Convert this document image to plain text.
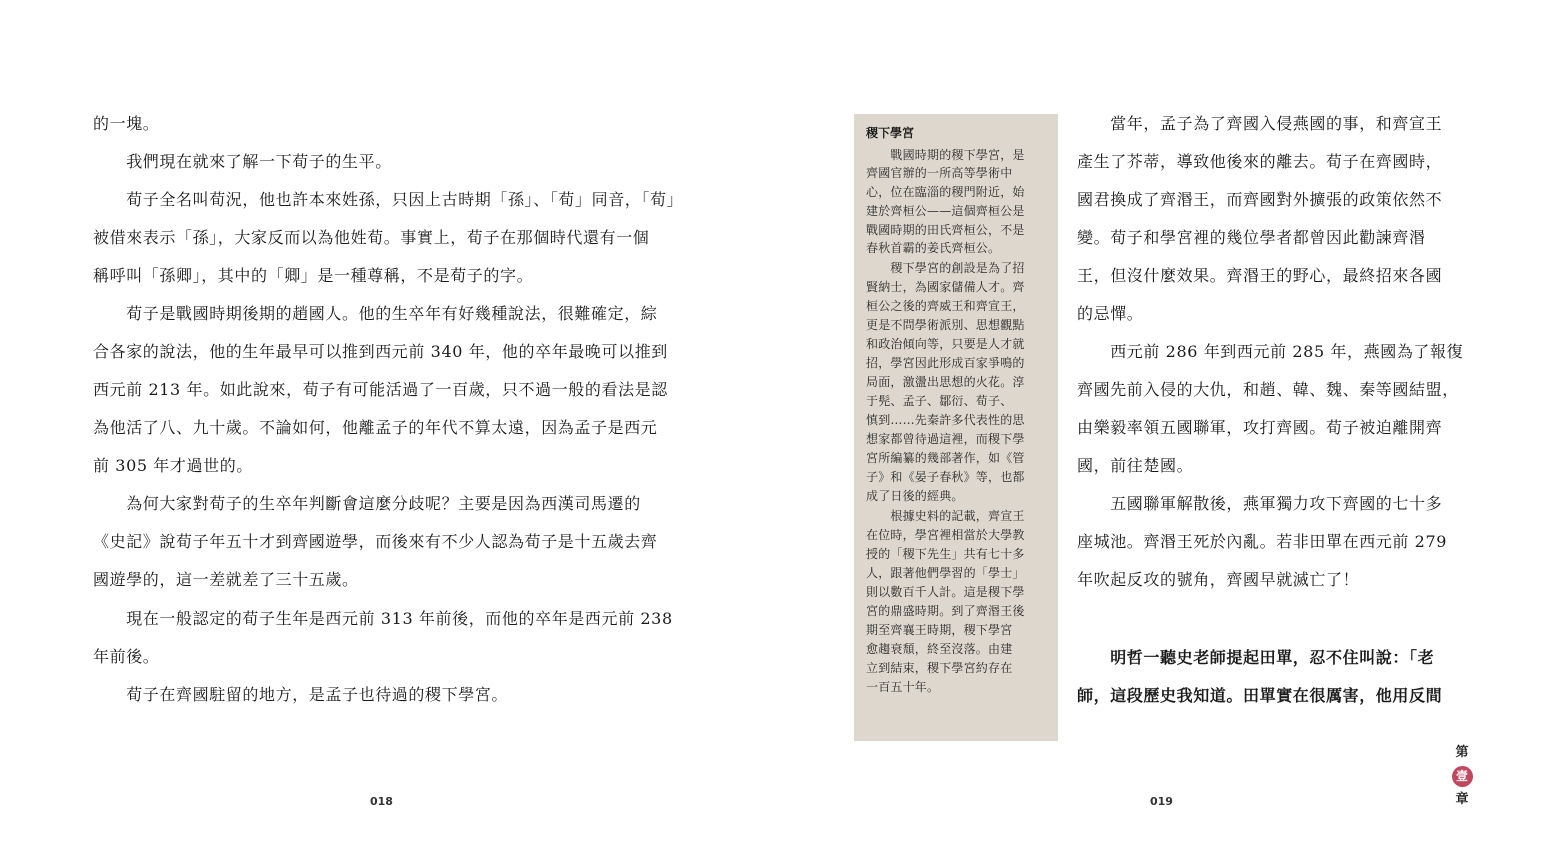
的一塊。

　　我們現在就來了解一下荀子的生平。

　　荀子全名叫荀況，他也許本來姓孫，只因上古時期「孫」、「荀」同音，「荀」

被借來表示「孫」，大家反而以為他姓荀。事實上，荀子在那個時代還有一個

稱呼叫「孫卿」，其中的「卿」是一種尊稱，不是荀子的字。

　　荀子是戰國時期後期的趙國人。他的生卒年有好幾種說法，很難確定，綜

合各家的說法，他的生年最早可以推到西元前 340 年，他的卒年最晚可以推到

西元前 213 年。如此說來，荀子有可能活過了一百歲，只不過一般的看法是認

為他活了八、九十歲。不論如何，他離孟子的年代不算太遠，因為孟子是西元

前 305 年才過世的。

　　為何大家對荀子的生卒年判斷會這麼分歧呢？主要是因為西漢司馬遷的

《史記》說荀子年五十才到齊國遊學，而後來有不少人認為荀子是十五歲去齊

國遊學的，這一差就差了三十五歲。

　　現在一般認定的荀子生年是西元前 313 年前後，而他的卒年是西元前 238

年前後。

　　荀子在齊國駐留的地方，是孟子也待過的稷下學宮。

018

稷下學宮

　　戰國時期的稷下學宮，是

齊國官辦的一所高等學術中

心，位在臨淄的稷門附近，始

建於齊桓公——這個齊桓公是

戰國時期的田氏齊桓公，不是

春秋首霸的姜氏齊桓公。

　　稷下學宮的創設是為了招

賢納士，為國家儲備人才。齊

桓公之後的齊威王和齊宣王，

更是不問學術派別、思想觀點

和政治傾向等，只要是人才就

招，學宮因此形成百家爭鳴的

局面，激盪出思想的火花。淳

于髡、孟子、鄒衍、荀子、

慎到……先秦許多代表性的思

想家都曾待過這裡，而稷下學

宮所編纂的幾部著作，如《管

子》和《晏子春秋》等，也都

成了日後的經典。

　　根據史料的記載，齊宣王

在位時，學宮裡相當於大學教

授的「稷下先生」共有七十多

人，跟著他們學習的「學士」

則以數百千人計。這是稷下學

宮的鼎盛時期。到了齊湣王後

期至齊襄王時期，稷下學宮

愈趨衰頹，終至沒落。由建

立到結束，稷下學宮約存在

一百五十年。

　　當年，孟子為了齊國入侵燕國的事，和齊宣王

產生了芥蒂，導致他後來的離去。荀子在齊國時，

國君換成了齊湣王，而齊國對外擴張的政策依然不

變。荀子和學宮裡的幾位學者都曾因此勸諫齊湣

王，但沒什麼效果。齊湣王的野心，最終招來各國

的忌憚。

　　西元前 286 年到西元前 285 年，燕國為了報復

齊國先前入侵的大仇，和趙、韓、魏、秦等國結盟，

由樂毅率領五國聯軍，攻打齊國。荀子被迫離開齊

國，前往楚國。

　　五國聯軍解散後，燕軍獨力攻下齊國的七十多

座城池。齊湣王死於內亂。若非田單在西元前 279

年吹起反攻的號角，齊國早就滅亡了！

　　明哲一聽史老師提起田單，忍不住叫說：「老

師，這段歷史我知道。田單實在很厲害，他用反間

019

第
壹
章
